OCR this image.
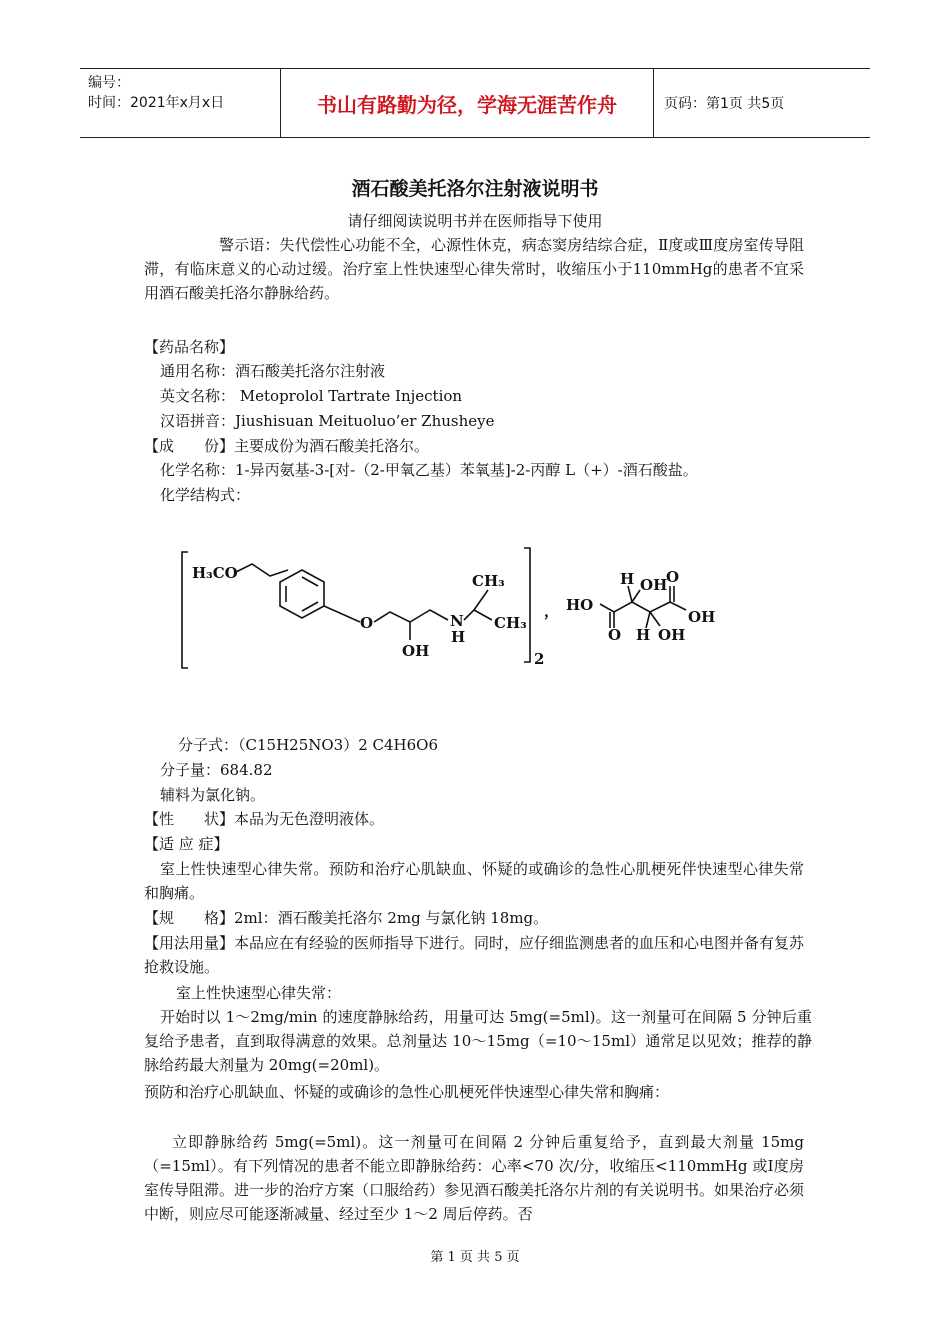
编号：
时间：2021年x月x日	书山有路勤为径，学海无涯苦作舟	页码：第1页 共5页
酒石酸美托洛尔注射液说明书
请仔细阅读说明书并在医师指导下使用
警示语：失代偿性心功能不全，心源性休克，病态窦房结综合症，Ⅱ度或Ⅲ度房室传导阻滞，有临床意义的心动过缓。治疗室上性快速型心律失常时，收缩压小于110mmHg的患者不宜采用酒石酸美托洛尔静脉给药。
【药品名称】
通用名称：酒石酸美托洛尔注射液
英文名称： Metoprolol Tartrate Injection
汉语拼音：Jiushisuan Meituoluo’er Zhusheye
【成　　份】主要成份为酒石酸美托洛尔。
化学名称：1-异丙氨基-3-[对-（2-甲氧乙基）苯氧基]-2-丙醇 L（+）-酒石酸盐。
化学结构式：
H₃CO
O
OH
N
H
CH₃
CH₃
2
， HO
O
H OH
H OH
O
OH
分子式：（C15H25NO3）2 C4H6O6
分子量：684.82
辅料为氯化钠。
【性　　状】本品为无色澄明液体。
【适 应 症】
室上性快速型心律失常。预防和治疗心肌缺血、怀疑的或确诊的急性心肌梗死伴快速型心律失常和胸痛。
【规　　格】2ml：酒石酸美托洛尔 2mg 与氯化钠 18mg。
【用法用量】本品应在有经验的医师指导下进行。同时，应仔细监测患者的血压和心电图并备有复苏抢救设施。
室上性快速型心律失常：
开始时以 1～2mg/min 的速度静脉给药，用量可达 5mg(=5ml)。这一剂量可在间隔 5 分钟后重复给予患者，直到取得满意的效果。总剂量达 10～15mg（=10～15ml）通常足以见效；推荐的静脉给药最大剂量为 20mg(=20ml)。
预防和治疗心肌缺血、怀疑的或确诊的急性心肌梗死伴快速型心律失常和胸痛：
立即静脉给药 5mg(=5ml)。这一剂量可在间隔 2 分钟后重复给予，直到最大剂量 15mg（=15ml）。有下列情况的患者不能立即静脉给药：心率<70 次/分，收缩压<110mmHg 或Ⅰ度房室传导阻滞。进一步的治疗方案（口服给药）参见酒石酸美托洛尔片剂的有关说明书。如果治疗必须中断，则应尽可能逐渐减量、经过至少 1～2 周后停药。否
第 1 页 共 5 页
